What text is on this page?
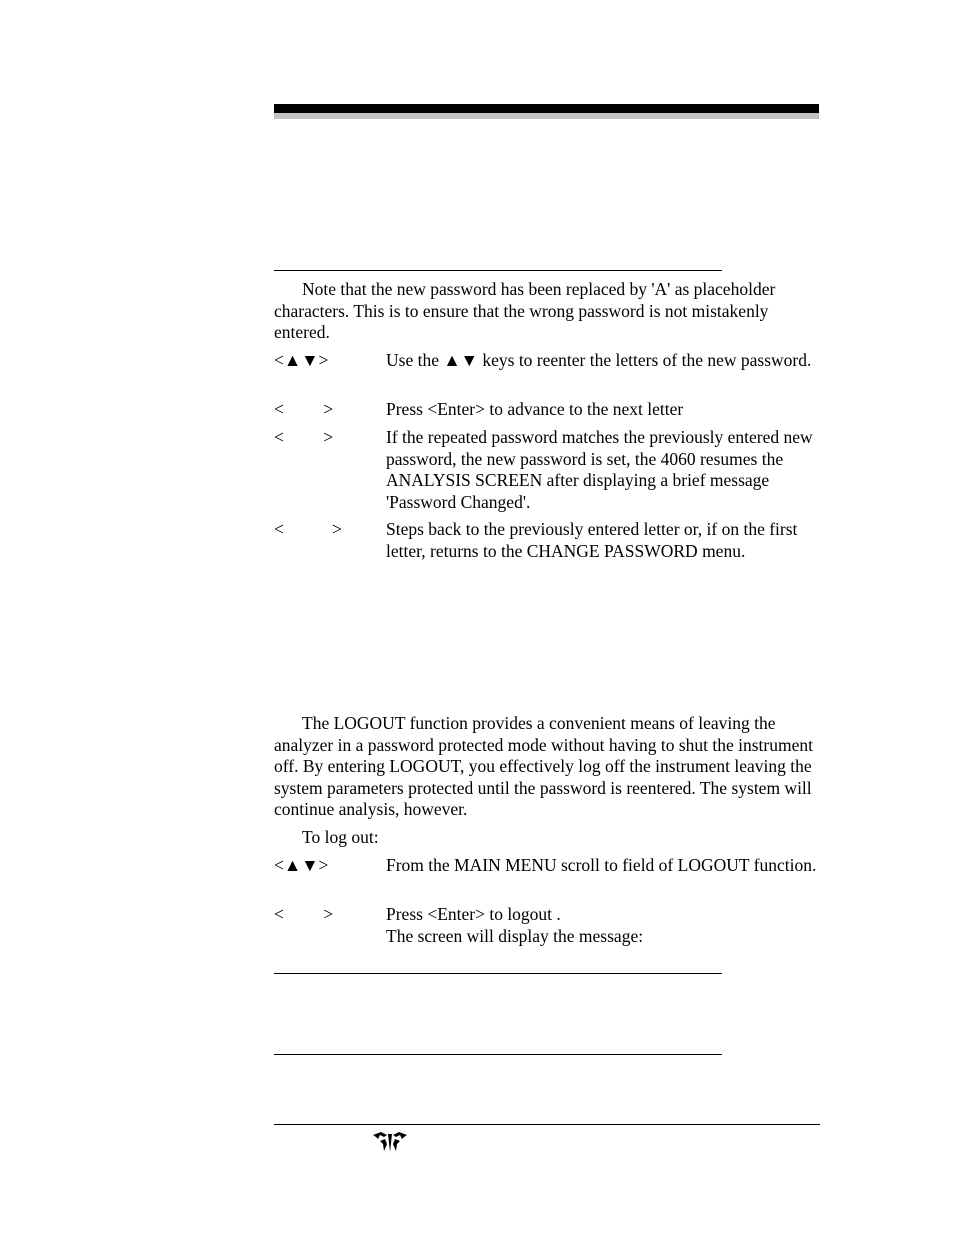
Note that the new password has been replaced by 'A' as placeholder characters. This is to ensure that the wrong password is not mistakenly entered.
<▲▼>	Use the ▲▼ keys to reenter the letters of the new password.
<         >	Press <Enter> to advance to the next letter
<         >	If the repeated password matches the previously entered new password, the new password is set, the 4060 resumes the ANALYSIS SCREEN after displaying a brief message 'Password Changed'.
<           >	Steps back to the previously entered letter or, if on the first letter, returns to the CHANGE PASSWORD menu.
The LOGOUT function provides a convenient means of leaving the analyzer in a password protected mode without having to shut the instrument off. By entering LOGOUT, you effectively log off the instrument leaving the system parameters protected until the password is reentered. The system will continue analysis, however.
To log out:
<▲▼>	From the MAIN MENU scroll to field of LOGOUT function.
<         >	Press <Enter> to logout .
The screen will display the message:
